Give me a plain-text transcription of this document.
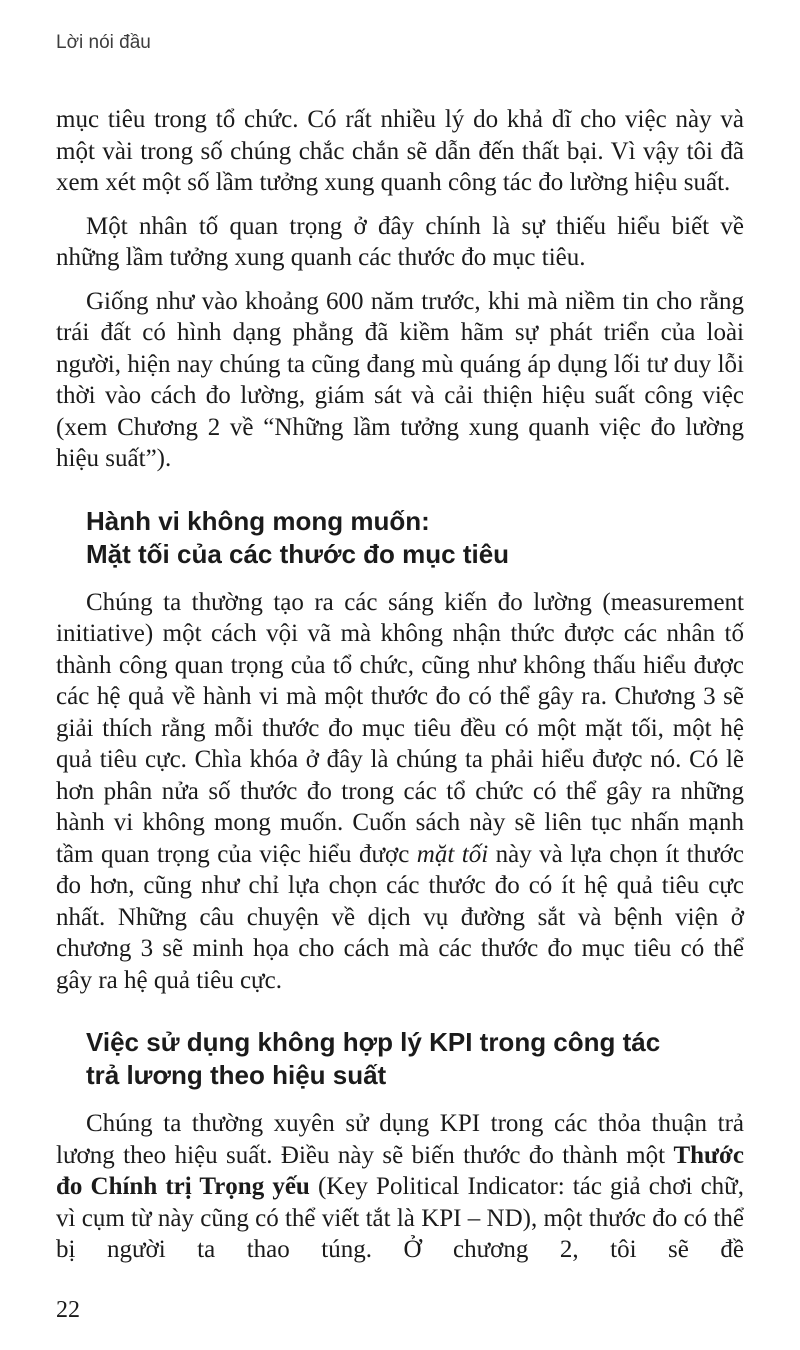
Lời nói đầu

mục tiêu trong tổ chức. Có rất nhiều lý do khả dĩ cho việc này và một vài trong số chúng chắc chắn sẽ dẫn đến thất bại. Vì vậy tôi đã xem xét một số lầm tưởng xung quanh công tác đo lường hiệu suất.

Một nhân tố quan trọng ở đây chính là sự thiếu hiểu biết về những lầm tưởng xung quanh các thước đo mục tiêu.

Giống như vào khoảng 600 năm trước, khi mà niềm tin cho rằng trái đất có hình dạng phẳng đã kiềm hãm sự phát triển của loài người, hiện nay chúng ta cũng đang mù quáng áp dụng lối tư duy lỗi thời vào cách đo lường, giám sát và cải thiện hiệu suất công việc (xem Chương 2 về “Những lầm tưởng xung quanh việc đo lường hiệu suất”).

Hành vi không mong muốn:
Mặt tối của các thước đo mục tiêu

Chúng ta thường tạo ra các sáng kiến đo lường (measurement initiative) một cách vội vã mà không nhận thức được các nhân tố thành công quan trọng của tổ chức, cũng như không thấu hiểu được các hệ quả về hành vi mà một thước đo có thể gây ra. Chương 3 sẽ giải thích rằng mỗi thước đo mục tiêu đều có một mặt tối, một hệ quả tiêu cực. Chìa khóa ở đây là chúng ta phải hiểu được nó. Có lẽ hơn phân nửa số thước đo trong các tổ chức có thể gây ra những hành vi không mong muốn. Cuốn sách này sẽ liên tục nhấn mạnh tầm quan trọng của việc hiểu được mặt tối này và lựa chọn ít thước đo hơn, cũng như chỉ lựa chọn các thước đo có ít hệ quả tiêu cực nhất. Những câu chuyện về dịch vụ đường sắt và bệnh viện ở chương 3 sẽ minh họa cho cách mà các thước đo mục tiêu có thể gây ra hệ quả tiêu cực.

Việc sử dụng không hợp lý KPI trong công tác
trả lương theo hiệu suất

Chúng ta thường xuyên sử dụng KPI trong các thỏa thuận trả lương theo hiệu suất. Điều này sẽ biến thước đo thành một Thước đo Chính trị Trọng yếu (Key Political Indicator: tác giả chơi chữ, vì cụm từ này cũng có thể viết tắt là KPI – ND), một thước đo có thể bị người ta thao túng. Ở chương 2, tôi sẽ đề

22
